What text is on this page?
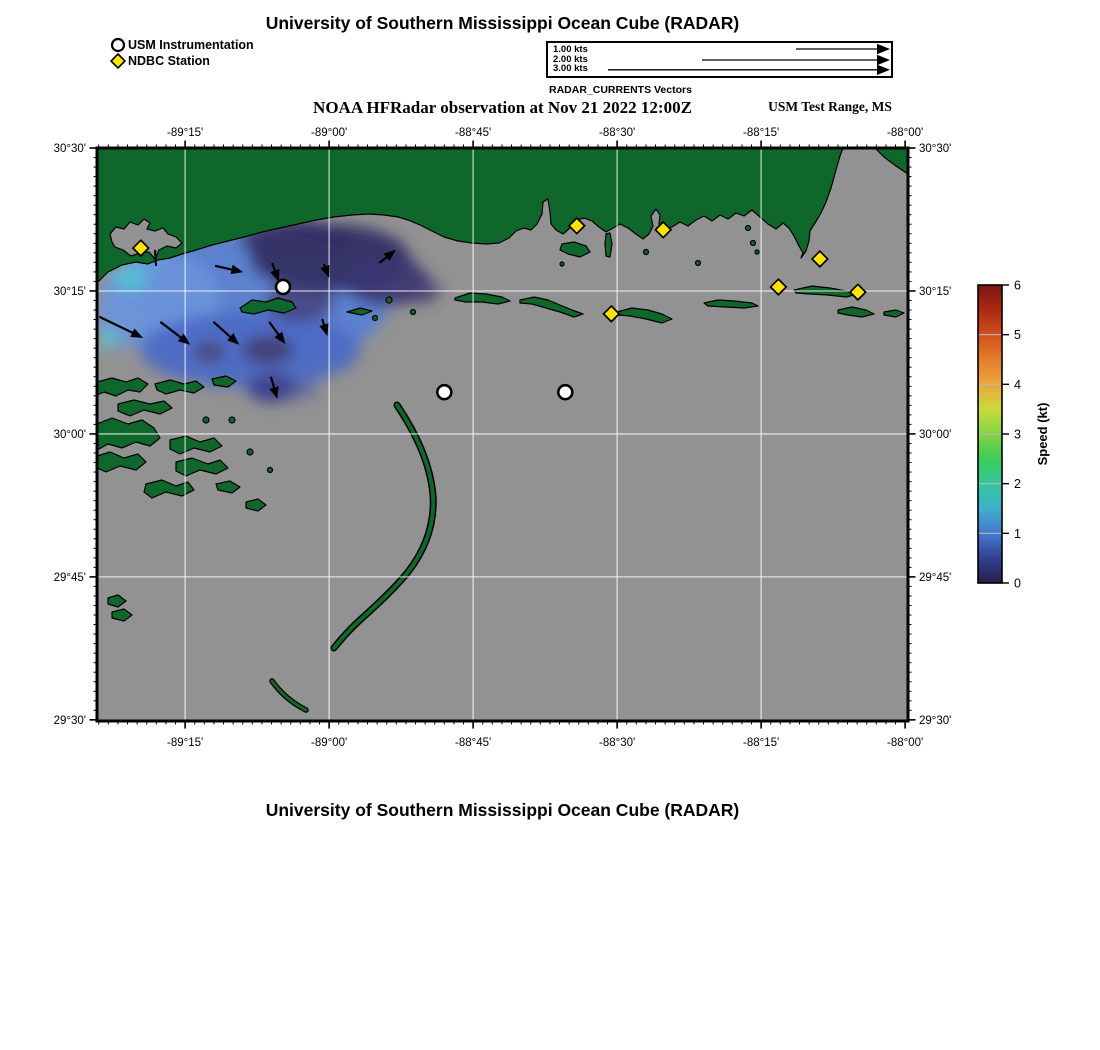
-89°15'
-89°15'
-89°00'
-89°00'
-88°45'
-88°45'
-88°30'
-88°30'
-88°15'
-88°15'
-88°00'
-88°00'
30°30'	30°30'
30°15'	30°15'
30°00'	30°00'
29°45'	29°45'
29°30'	29°30'
0
1
2
3
4
5
6
Speed (kt)
University of Southern Mississippi Ocean Cube (RADAR)
USM Instrumentation
NDBC Station
1.00 kts
2.00 kts
3.00 kts
RADAR_CURRENTS Vectors
NOAA HFRadar observation at Nov 21 2022 12:00Z	USM Test Range, MS
University of Southern Mississippi Ocean Cube (RADAR)
